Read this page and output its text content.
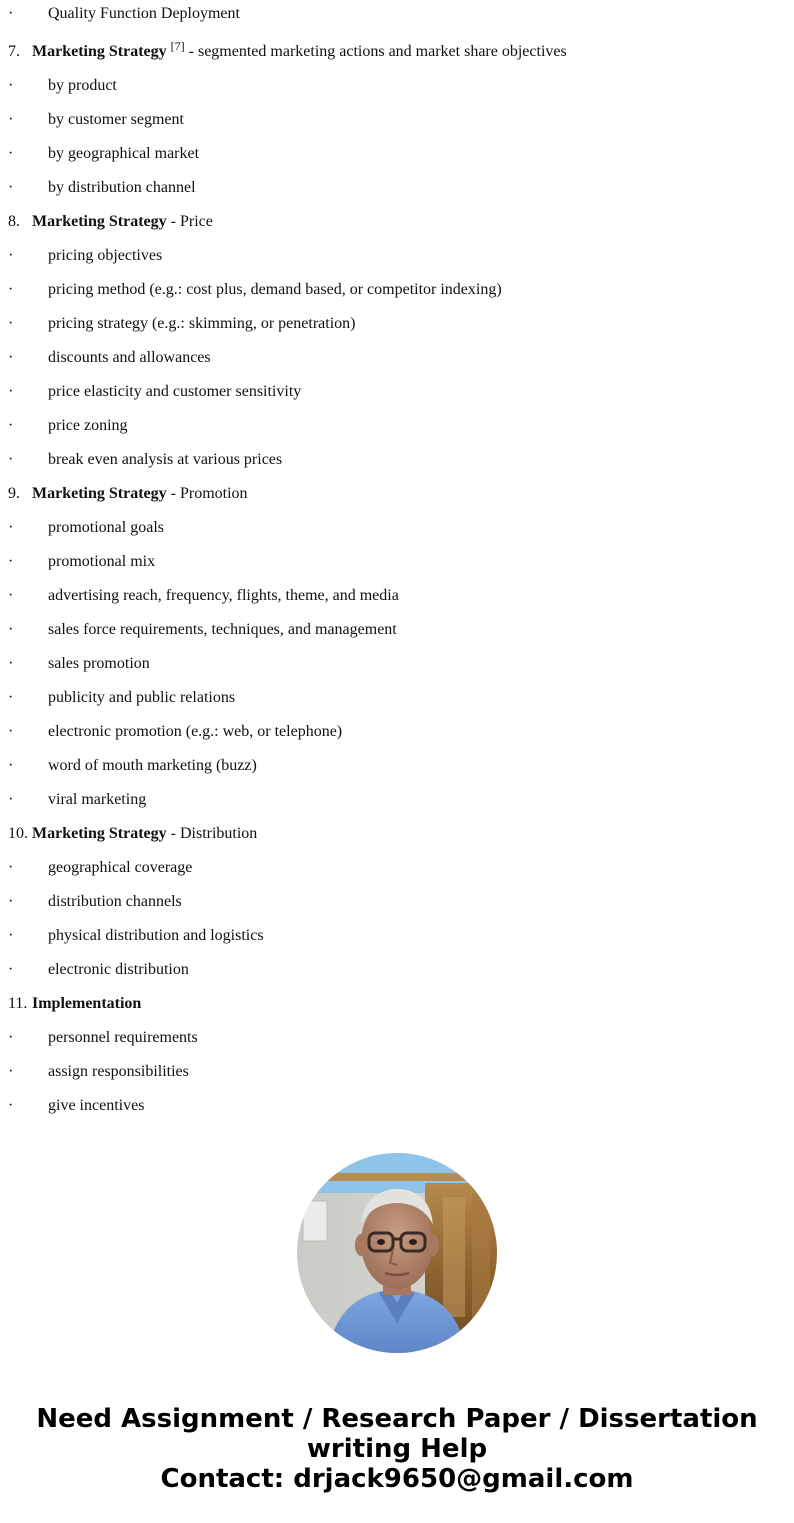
· Quality Function Deployment
7. Marketing Strategy [7] - segmented marketing actions and market share objectives
· by product
· by customer segment
· by geographical market
· by distribution channel
8. Marketing Strategy - Price
· pricing objectives
· pricing method (e.g.: cost plus, demand based, or competitor indexing)
· pricing strategy (e.g.: skimming, or penetration)
· discounts and allowances
· price elasticity and customer sensitivity
· price zoning
· break even analysis at various prices
9. Marketing Strategy - Promotion
· promotional goals
· promotional mix
· advertising reach, frequency, flights, theme, and media
· sales force requirements, techniques, and management
· sales promotion
· publicity and public relations
· electronic promotion (e.g.: web, or telephone)
· word of mouth marketing (buzz)
· viral marketing
10. Marketing Strategy - Distribution
· geographical coverage
· distribution channels
· physical distribution and logistics
· electronic distribution
11. Implementation
· personnel requirements
· assign responsibilities
· give incentives
Need Assignment / Research Paper / Dissertation
writing Help
Contact: drjack9650@gmail.com
